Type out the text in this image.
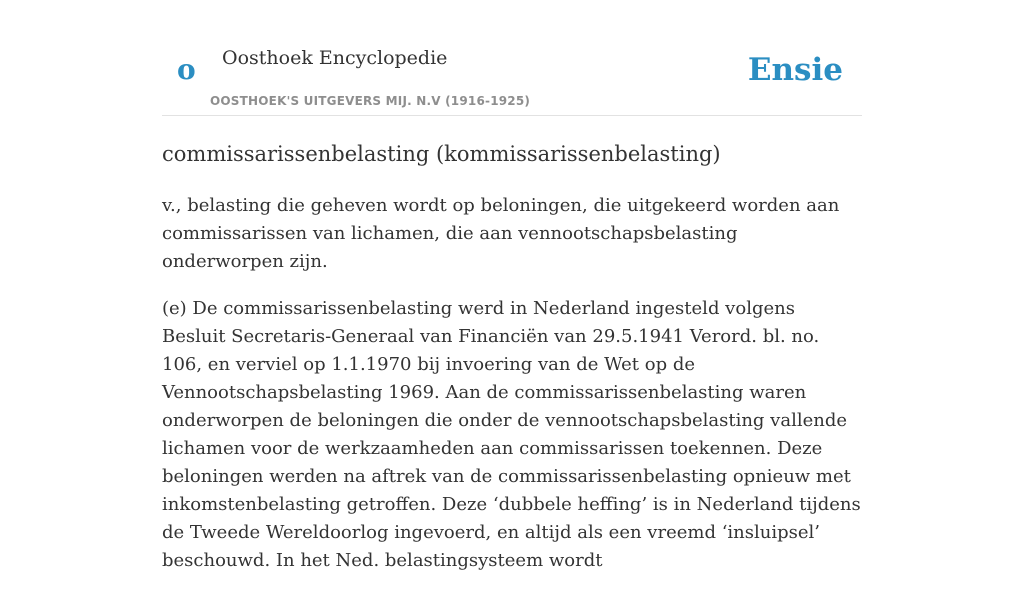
o Oosthoek Encyclopedie
OOSTHOEK'S UITGEVERS MIJ. N.V (1916-1925)
Ensie
commissarissenbelasting (kommissarissenbelasting)

v., belasting die geheven wordt op beloningen, die uitgekeerd worden aan commissarissen van lichamen, die aan vennootschapsbelasting onderworpen zijn.

(e) De commissarissenbelasting werd in Nederland ingesteld volgens Besluit Secretaris-Generaal van Financiën van 29.5.1941 Verord. bl. no. 106, en verviel op 1.1.1970 bij invoering van de Wet op de Vennootschapsbelasting 1969. Aan de commissarissenbelasting waren onderworpen de beloningen die onder de vennootschapsbelasting vallende lichamen voor de werkzaamheden aan commissarissen toekennen. Deze beloningen werden na aftrek van de commissarissenbelasting opnieuw met inkomstenbelasting getroffen. Deze ‘dubbele heffing’ is in Nederland tijdens de Tweede Wereldoorlog ingevoerd, en altijd als een vreemd ‘insluipsel’ beschouwd. In het Ned. belastingsysteem wordt
